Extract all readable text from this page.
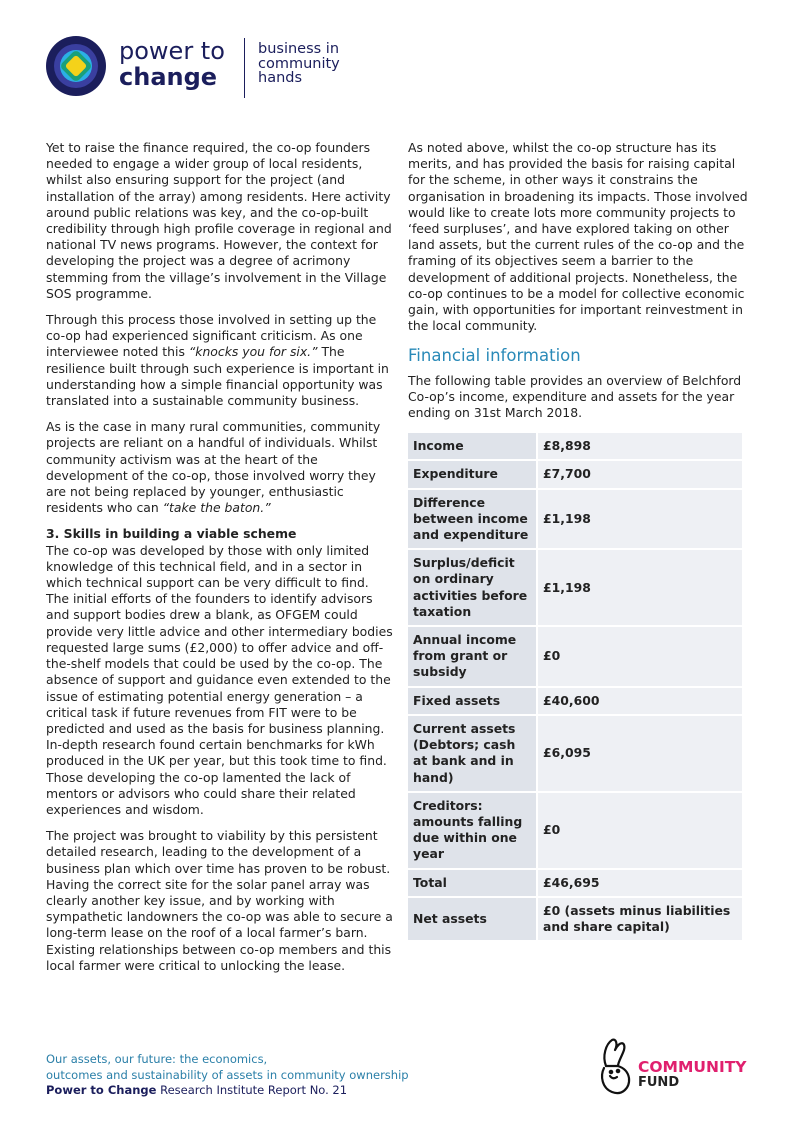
power to
change
business in
community
hands

Yet to raise the finance required, the co-op founders needed to engage a wider group of local residents, whilst also ensuring support for the project (and installation of the array) among residents. Here activity around public relations was key, and the co-op-built credibility through high profile coverage in regional and national TV news programs. However, the context for developing the project was a degree of acrimony stemming from the village’s involvement in the Village SOS programme.

Through this process those involved in setting up the co-op had experienced significant criticism. As one interviewee noted this “knocks you for six.” The resilience built through such experience is important in understanding how a simple financial opportunity was translated into a sustainable community business.

As is the case in many rural communities, community projects are reliant on a handful of individuals. Whilst community activism was at the heart of the development of the co-op, those involved worry they are not being replaced by younger, enthusiastic residents who can “take the baton.”

3. Skills in building a viable scheme

The co-op was developed by those with only limited knowledge of this technical field, and in a sector in which technical support can be very difficult to find. The initial efforts of the founders to identify advisors and support bodies drew a blank, as OFGEM could provide very little advice and other intermediary bodies requested large sums (£2,000) to offer advice and off-the-shelf models that could be used by the co-op. The absence of support and guidance even extended to the issue of estimating potential energy generation – a critical task if future revenues from FIT were to be predicted and used as the basis for business planning. In-depth research found certain benchmarks for kWh produced in the UK per year, but this took time to find. Those developing the co-op lamented the lack of mentors or advisors who could share their related experiences and wisdom.

The project was brought to viability by this persistent detailed research, leading to the development of a business plan which over time has proven to be robust. Having the correct site for the solar panel array was clearly another key issue, and by working with sympathetic landowners the co-op was able to secure a long-term lease on the roof of a local farmer’s barn. Existing relationships between co-op members and this local farmer were critical to unlocking the lease.

As noted above, whilst the co-op structure has its merits, and has provided the basis for raising capital for the scheme, in other ways it constrains the organisation in broadening its impacts. Those involved would like to create lots more community projects to ‘feed surpluses’, and have explored taking on other land assets, but the current rules of the co-op and the framing of its objectives seem a barrier to the development of additional projects. Nonetheless, the co-op continues to be a model for collective economic gain, with opportunities for important reinvestment in the local community.

Financial information

The following table provides an overview of Belchford Co-op’s income, expenditure and assets for the year ending on 31st March 2018.

Income	£8,898
Expenditure	£7,700
Difference between income and expenditure	£1,198
Surplus/deficit on ordinary activities before taxation	£1,198
Annual income from grant or subsidy	£0
Fixed assets	£40,600
Current assets (Debtors; cash at bank and in hand)	£6,095
Creditors: amounts falling due within one year	£0
Total	£46,695
Net assets	£0 (assets minus liabilities and share capital)
Our assets, our future: the economics,
outcomes and sustainability of assets in community ownership
Power to Change Research Institute Report No. 21
COMMUNITY
FUND
